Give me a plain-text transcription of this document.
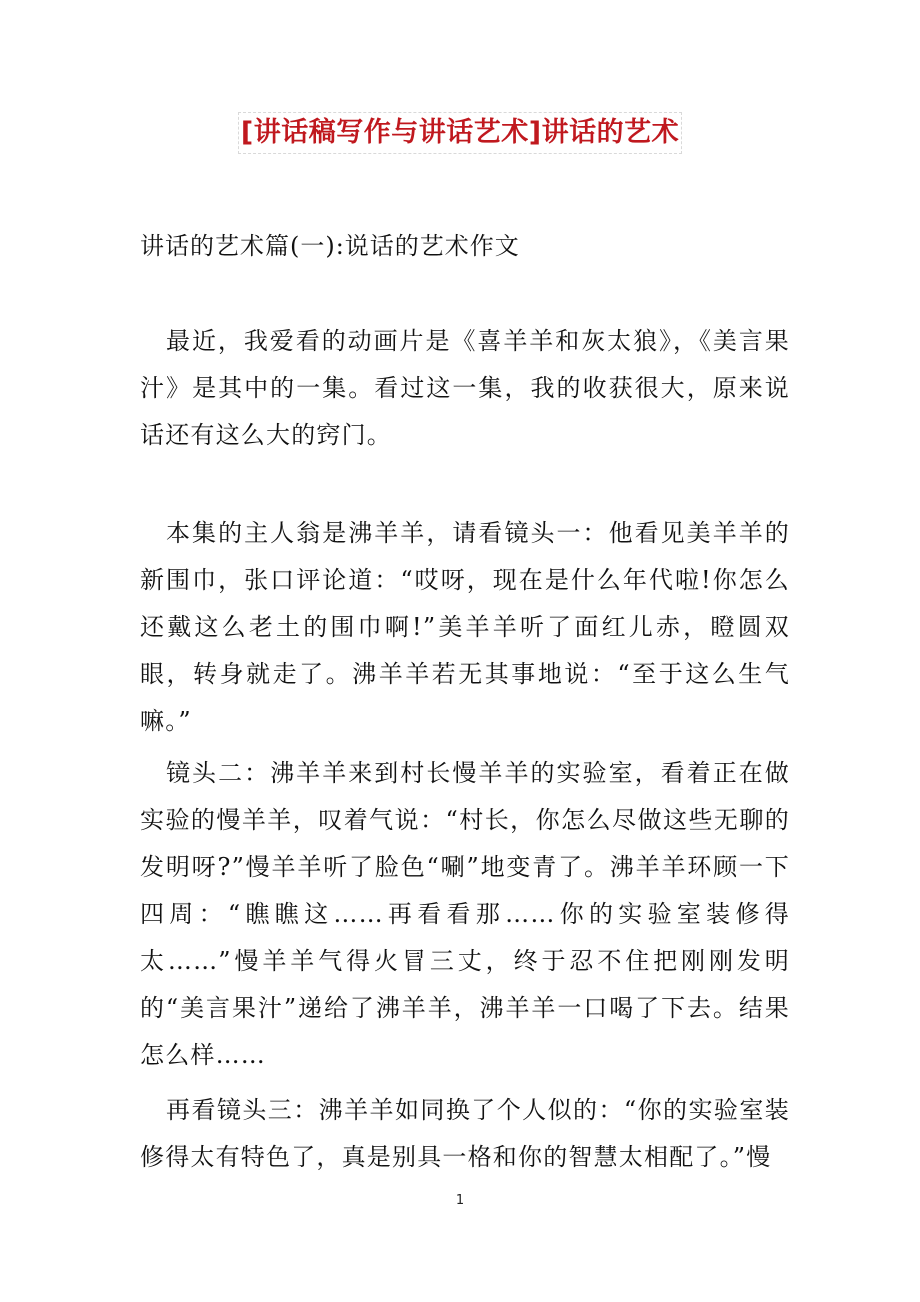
[讲话稿写作与讲话艺术]讲话的艺术

讲话的艺术篇(一):说话的艺术作文

最近，我爱看的动画片是《喜羊羊和灰太狼》，《美言果汁》是其中的一集。看过这一集，我的收获很大，原来说话还有这么大的窍门。

本集的主人翁是沸羊羊，请看镜头一：他看见美羊羊的新围巾，张口评论道：“哎呀，现在是什么年代啦!你怎么还戴这么老土的围巾啊!”美羊羊听了面红儿赤，瞪圆双眼，转身就走了。沸羊羊若无其事地说：“至于这么生气嘛。”

镜头二：沸羊羊来到村长慢羊羊的实验室，看着正在做实验的慢羊羊，叹着气说：“村长，你怎么尽做这些无聊的发明呀?”慢羊羊听了脸色“唰”地变青了。沸羊羊环顾一下四周：“瞧瞧这……再看看那……你的实验室装修得太……”慢羊羊气得火冒三丈，终于忍不住把刚刚发明的“美言果汁”递给了沸羊羊，沸羊羊一口喝了下去。结果怎么样……

再看镜头三：沸羊羊如同换了个人似的：“你的实验室装修得太有特色了，真是别具一格和你的智慧太相配了。”慢

1
